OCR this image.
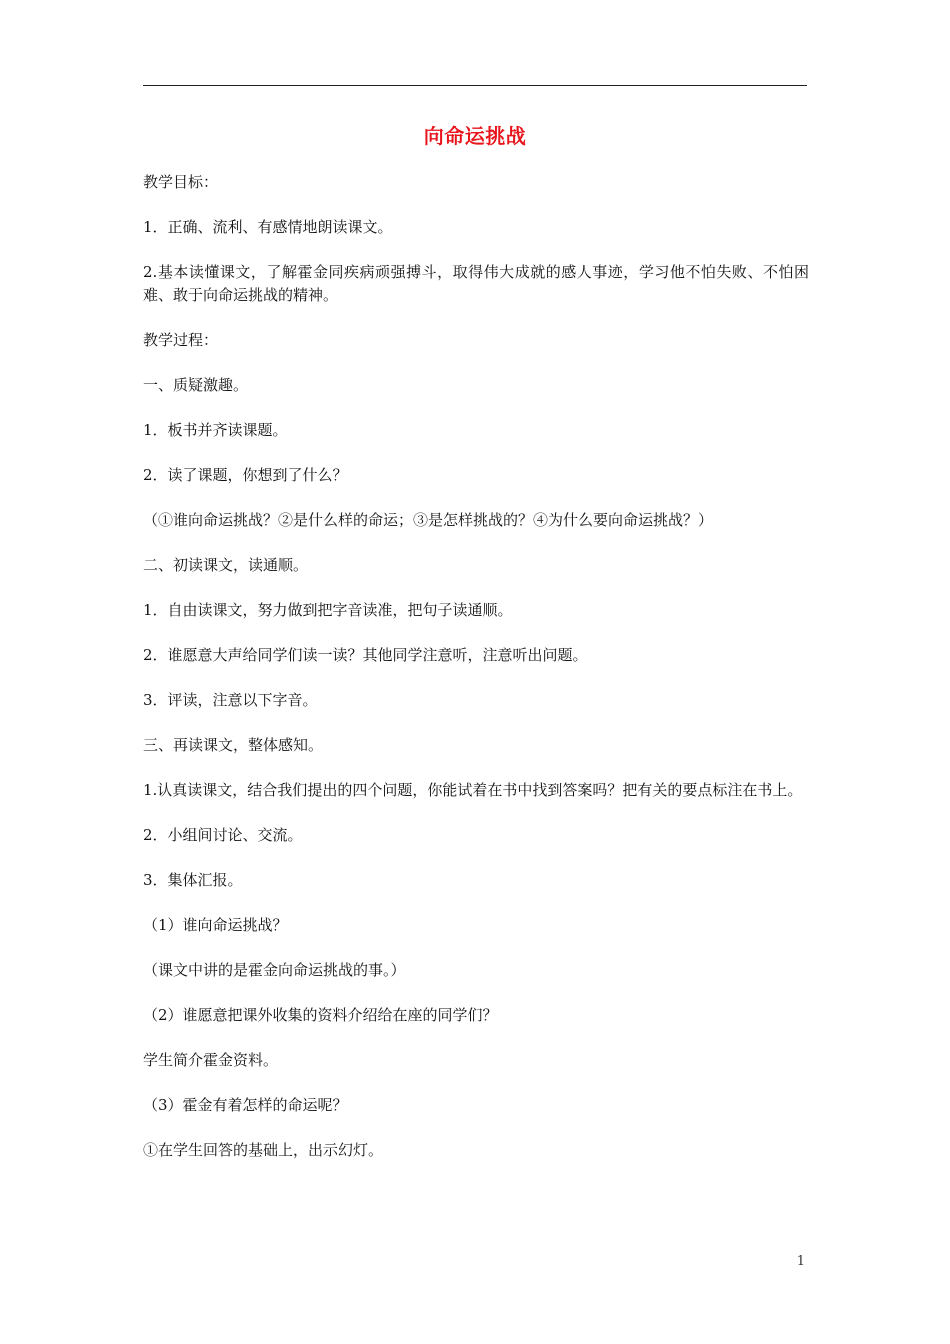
向命运挑战

教学目标：

1．正确、流利、有感情地朗读课文。

2.基本读懂课文，了解霍金同疾病顽强搏斗，取得伟大成就的感人事迹，学习他不怕失败、不怕困难、敢于向命运挑战的精神。

教学过程：

一、质疑激趣。

1．板书并齐读课题。

2．读了课题，你想到了什么？

（①谁向命运挑战？②是什么样的命运；③是怎样挑战的？④为什么要向命运挑战？）

二、初读课文，读通顺。

1．自由读课文，努力做到把字音读准，把句子读通顺。

2．谁愿意大声给同学们读一读？其他同学注意听，注意听出问题。

3．评读，注意以下字音。

三、再读课文，整体感知。

1.认真读课文，结合我们提出的四个问题，你能试着在书中找到答案吗？把有关的要点标注在书上。

2．小组间讨论、交流。

3．集体汇报。

（1）谁向命运挑战？

（课文中讲的是霍金向命运挑战的事。）

（2）谁愿意把课外收集的资料介绍给在座的同学们？

学生简介霍金资料。

（3）霍金有着怎样的命运呢？

①在学生回答的基础上，出示幻灯。

1
